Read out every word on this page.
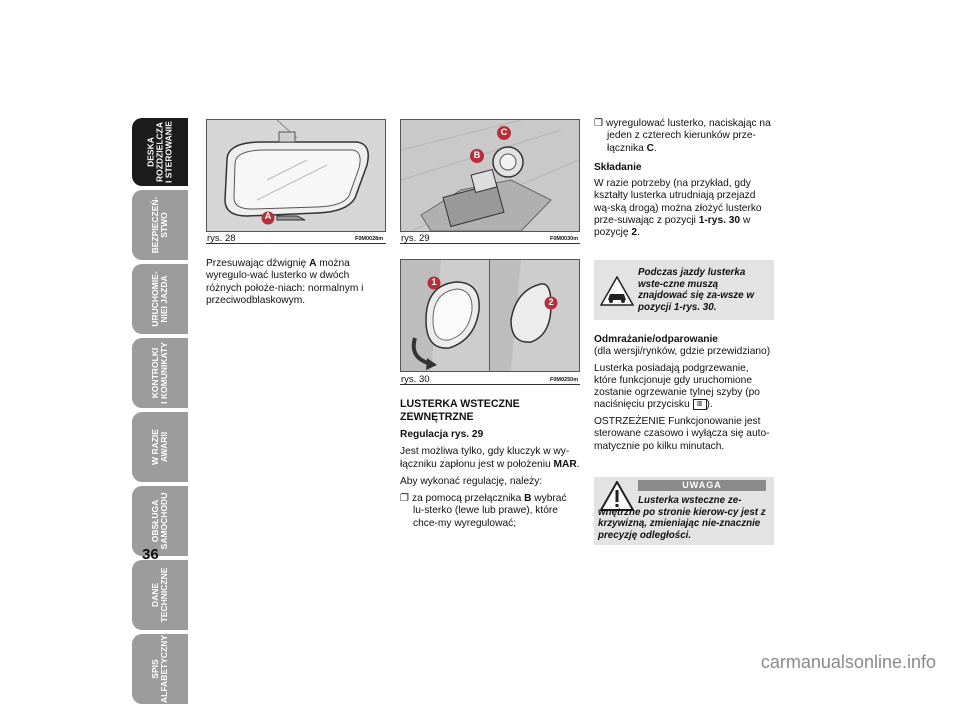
DESKA
ROZDZIELCZA
I STEROWANIE
BEZPIECZEŃ-
STWO
URUCHOMIE-
NIEI JAZDA
KONTROLKI
I KOMUNIKATY
W RAZIE
AWARII
OBSŁUGA
SAMOCHODU
DANE
TECHNICZNE
SPIS
ALFABETYCZNY
36
A
rys. 28	F0M0028m
B
C
rys. 29	F0M0030m
1
2
rys. 30	F0M0250m

Przesuwając dźwignię A można wyregulo-wać lusterko w dwóch różnych położe-niach: normalnym i przeciwodblaskowym.

LUSTERKA WSTECZNE ZEWNĘTRZNE

Regulacja rys. 29

Jest możliwa tylko, gdy kluczyk w wy-łączniku zapłonu jest w położeniu MAR.

Aby wykonać regulację, należy:

❐ za pomocą przełącznika B wybrać lu-sterko (lewe lub prawe), które chce-my wyregulować;

❐ wyregulować lusterko, naciskając na jeden z czterech kierunków prze-łącznika C.

Składanie

W razie potrzeby (na przykład, gdy kształty lusterka utrudniają przejazd wą-ską drogą) można złożyć lusterko prze-suwając z pozycji 1-rys. 30 w pozycję 2.

Podczas jazdy lusterka wste-czne muszą znajdować się za-wsze w pozycji 1-rys. 30.

Odmrażanie/odparowanie

(dla wersji/rynków, gdzie przewidziano)

Lusterka posiadają podgrzewanie, które funkcjonuje gdy uruchomione zostanie ogrzewanie tylnej szyby (po naciśnięciu przycisku ▥ ).

OSTRZEŻENIE Funkcjonowanie jest sterowane czasowo i wyłącza się auto-matycznie po kilku minutach.

UWAGA
Lusterka wsteczne ze-wnętrzne po stronie kierow-cy jest z krzywizną, zmieniając nie-znacznie precyzję odległości.
carmanualsonline.info
